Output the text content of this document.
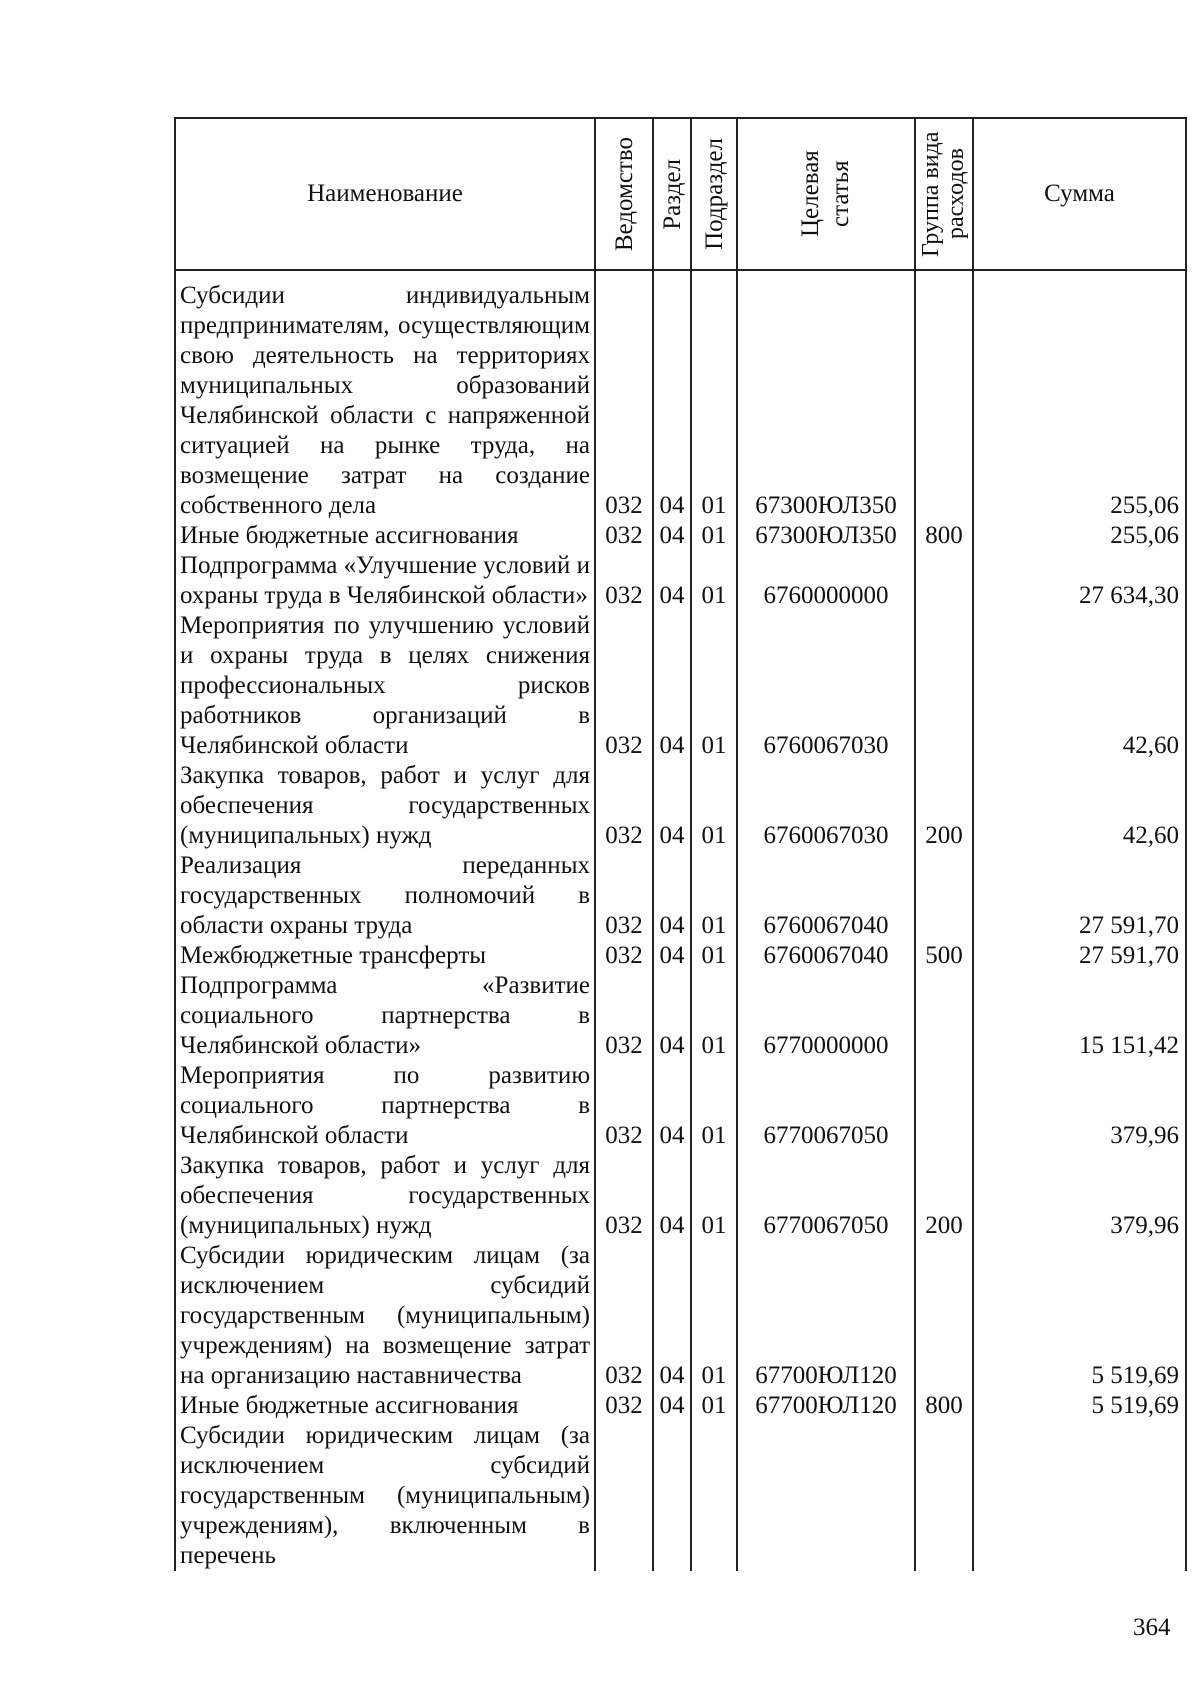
Наименование	Ведомство	Раздел	Подраздел	Целевая статья	Группа вида расходов	Сумма
Субсидии индивидуальным предпринимателям, осуществляющим свою деятельность на территориях муниципальных образований Челябинской области с напряженной ситуацией на рынке труда, на возмещение затрат на создание собственного дела	032	04	01	67300ЮЛ350		255,06
Иные бюджетные ассигнования	032	04	01	67300ЮЛ350	800	255,06
Подпрограмма «Улучшение условий и охраны труда в Челябинской области»	032	04	01	6760000000		27 634,30
Мероприятия по улучшению условий и охраны труда в целях снижения профессиональных рисков работников организаций в Челябинской области	032	04	01	6760067030		42,60
Закупка товаров, работ и услуг для обеспечения государственных (муниципальных) нужд	032	04	01	6760067030	200	42,60
Реализация переданных государственных полномочий в области охраны труда	032	04	01	6760067040		27 591,70
Межбюджетные трансферты	032	04	01	6760067040	500	27 591,70
Подпрограмма «Развитие социального партнерства в Челябинской области»	032	04	01	6770000000		15 151,42
Мероприятия по развитию социального партнерства в Челябинской области	032	04	01	6770067050		379,96
Закупка товаров, работ и услуг для обеспечения государственных (муниципальных) нужд	032	04	01	6770067050	200	379,96
Субсидии юридическим лицам (за исключением субсидий государственным (муниципальным) учреждениям) на возмещение затрат на организацию наставничества	032	04	01	67700ЮЛ120		5 519,69
Иные бюджетные ассигнования	032	04	01	67700ЮЛ120	800	5 519,69
Субсидии юридическим лицам (за исключением субсидий государственным (муниципальным) учреждениям), включенным в перечень						
364
